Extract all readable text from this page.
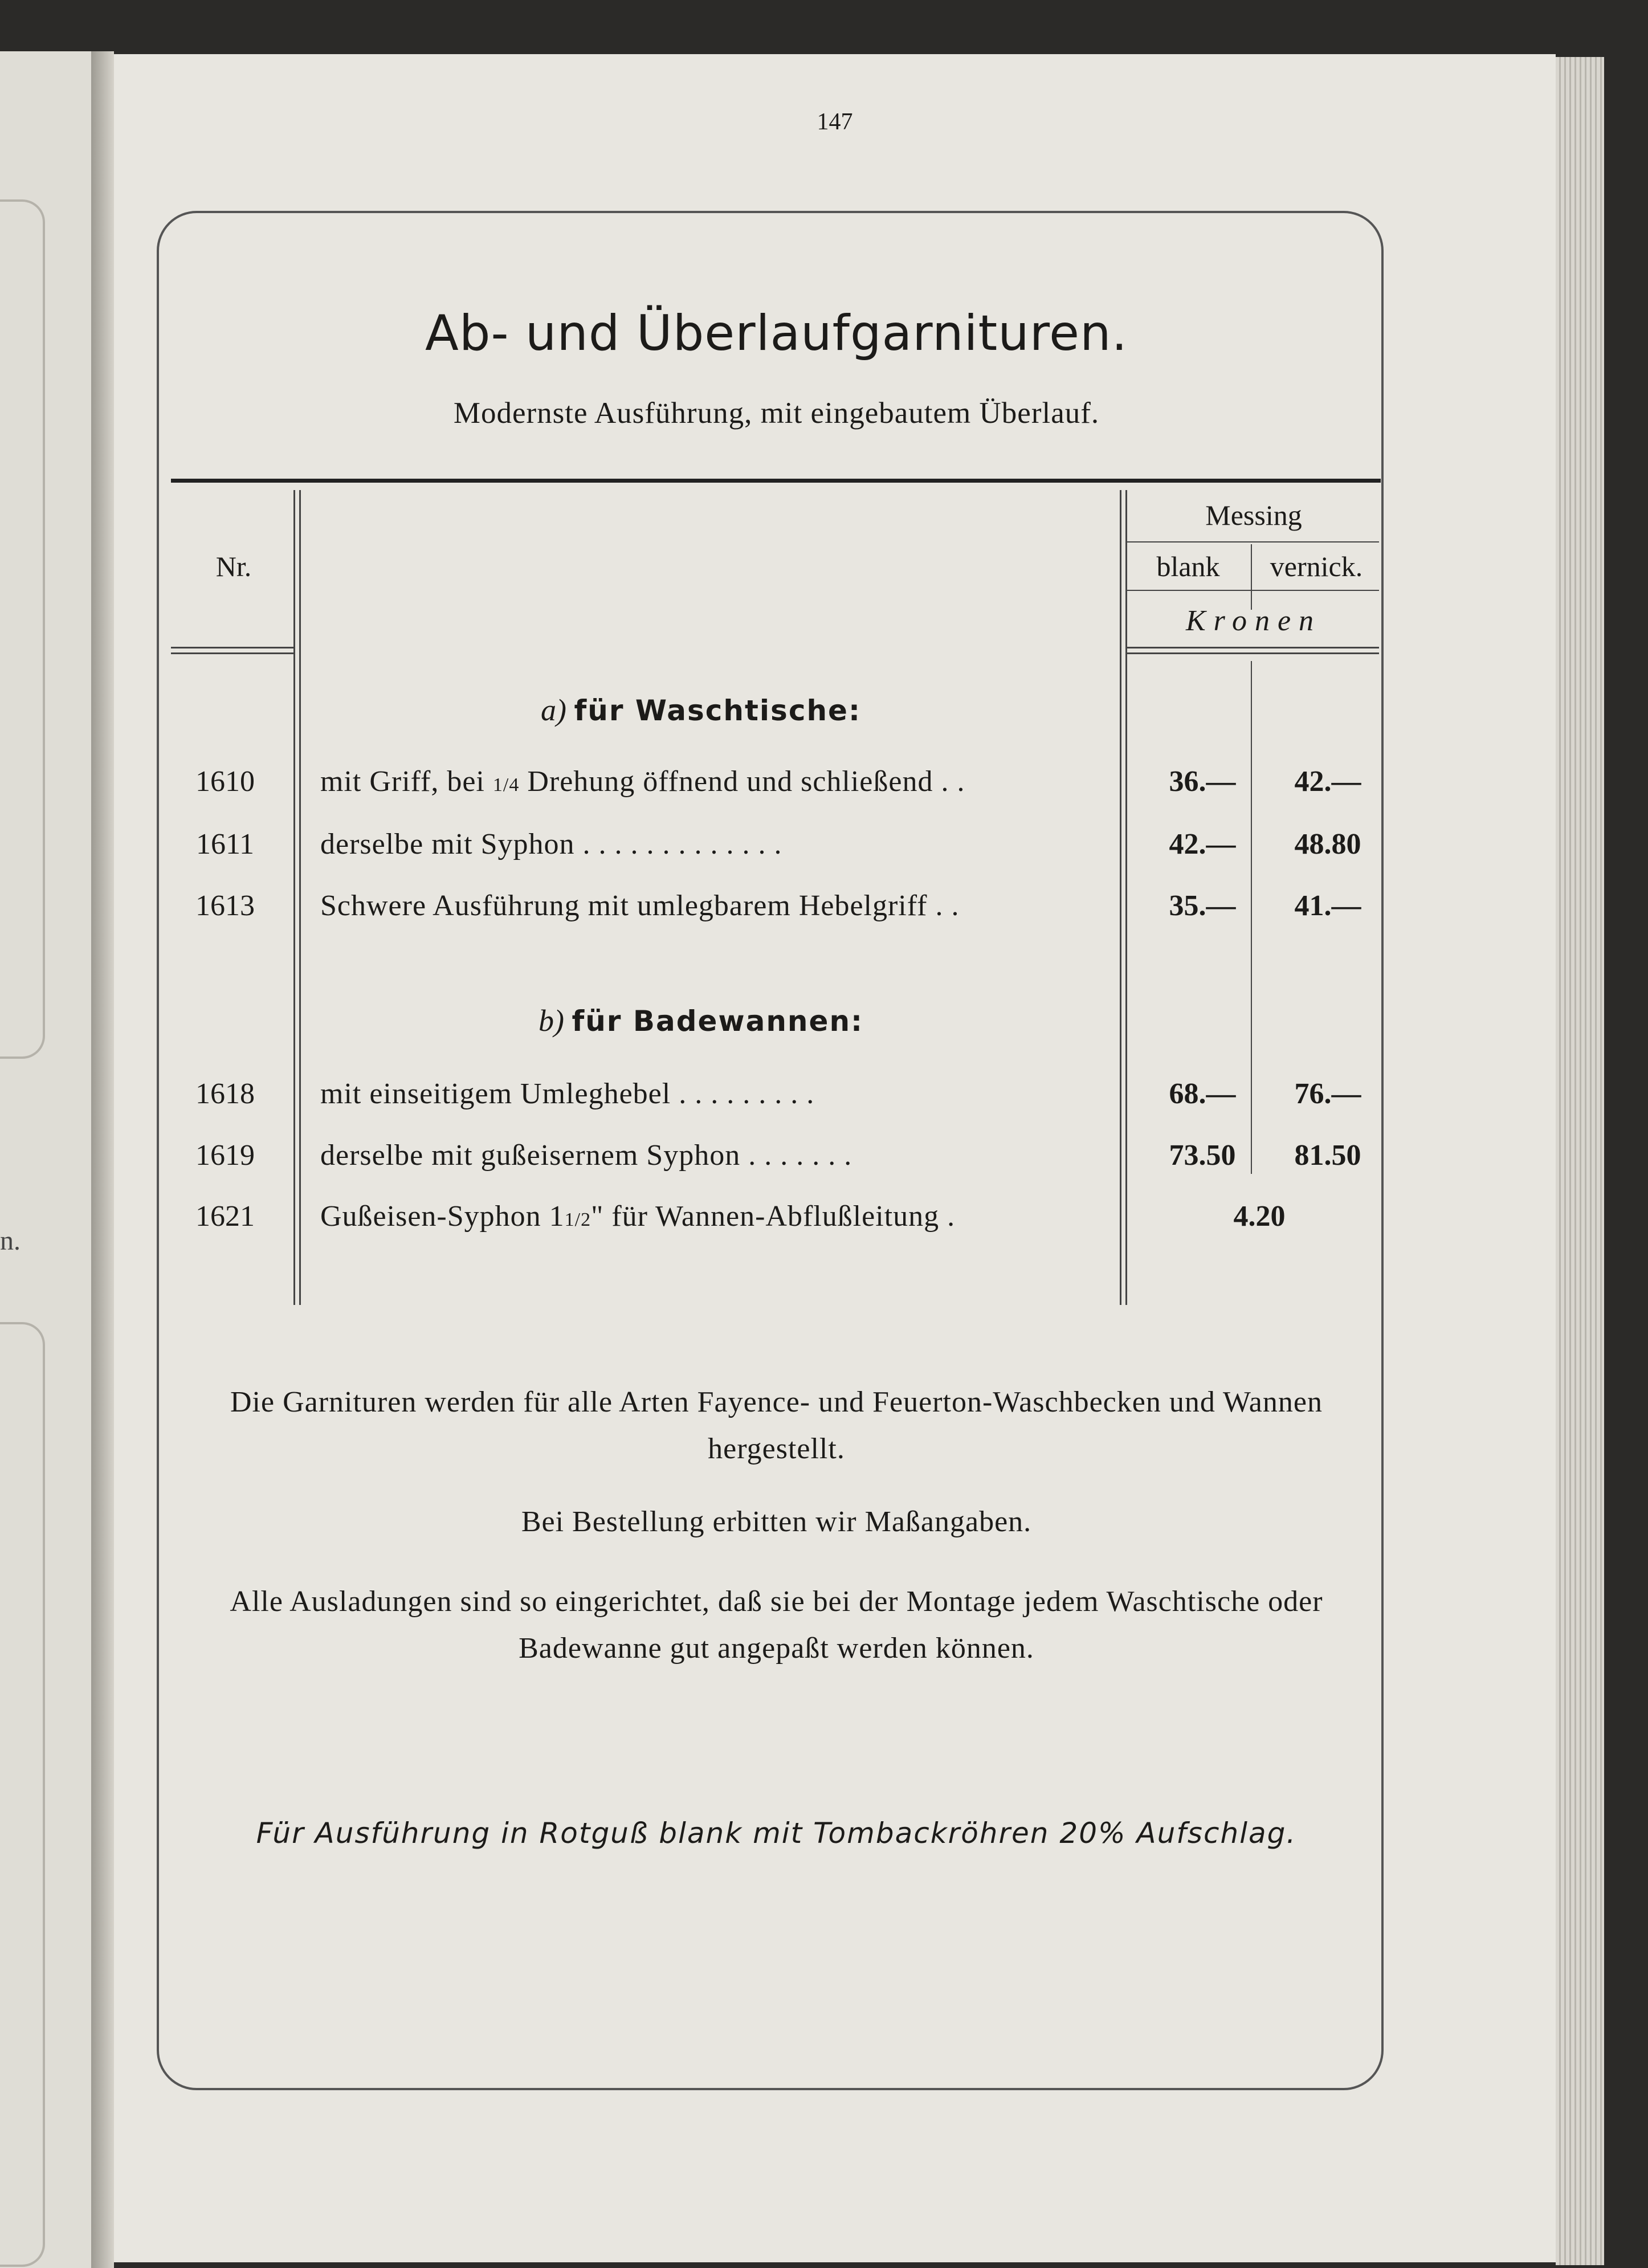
n.
147
Ab- und Überlaufgarnituren.
Modernste Ausführung, mit eingebautem Überlauf.
Nr.
Messing
blank	vernick.
Kronen
a) für Waschtische:
1610	mit Griff, bei 1/4 Drehung öffnend und schließend . .	36.—	42.—
1611	derselbe mit Syphon . . . . . . . . . . . . .	42.—	48.80
1613	Schwere Ausführung mit umlegbarem Hebelgriff . .	35.—	41.—
b) für Badewannen:
1618	mit einseitigem Umleghebel . . . . . . . . .	68.—	76.—
1619	derselbe mit gußeisernem Syphon . . . . . . .	73.50	81.50
1621	Gußeisen-Syphon 11/2" für Wannen-Abflußleitung .	4.20
Die Garnituren werden für alle Arten Fayence- und Feuerton-Waschbecken und Wannen hergestellt.
Bei Bestellung erbitten wir Maßangaben.
Alle Ausladungen sind so eingerichtet, daß sie bei der Montage jedem Waschtische oder Badewanne gut angepaßt werden können.
Für Ausführung in Rotguß blank mit Tombackröhren 20% Aufschlag.
